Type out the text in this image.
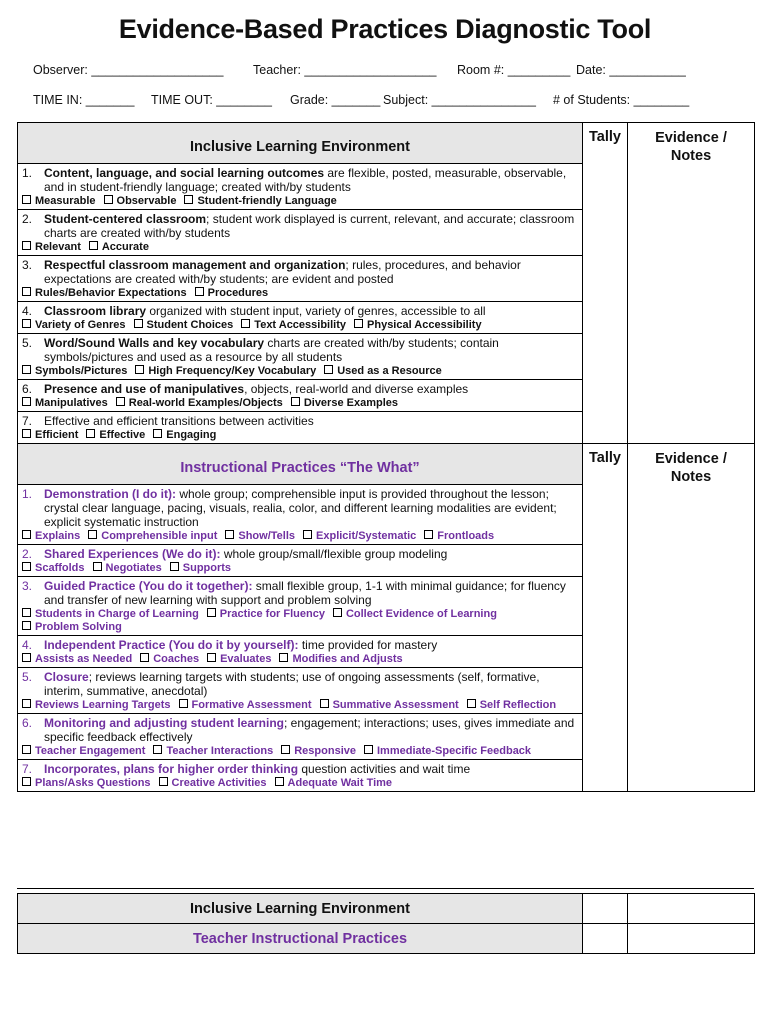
Evidence-Based Practices Diagnostic Tool

Observer: ___________________

Teacher: ___________________

Room #: _________

Date: ___________

TIME IN: _______

TIME OUT: ________

Grade: _______

Subject: _______________

# of Students: ________

Inclusive Learning Environment	Tally	Evidence / Notes

1. Content, language, and social learning outcomes are flexible, posted, measurable, observable, and in student-friendly language; created with/by students
Measurable Observable Student-friendly Language		

2. Student-centered classroom; student work displayed is current, relevant, and accurate; classroom charts are created with/by students
Relevant Accurate		

3. Respectful classroom management and organization; rules, procedures, and behavior expectations are created with/by students; are evident and posted
Rules/Behavior Expectations Procedures		

4. Classroom library organized with student input, variety of genres, accessible to all
Variety of Genres Student Choices Text Accessibility Physical Accessibility		

5. Word/Sound Walls and key vocabulary charts are created with/by students; contain symbols/pictures and used as a resource by all students
Symbols/Pictures High Frequency/Key Vocabulary Used as a Resource		

6. Presence and use of manipulatives, objects, real-world and diverse examples
Manipulatives Real-world Examples/Objects Diverse Examples		

7. Effective and efficient transitions between activities
Efficient Effective Engaging		

Instructional Practices “The What”	Tally	Evidence / Notes

1. Demonstration (I do it): whole group; comprehensible input is provided throughout the lesson; crystal clear language, pacing, visuals, realia, color, and different learning modalities are evident; explicit systematic instruction
Explains Comprehensible input Show/Tells Explicit/Systematic Frontloads		

2. Shared Experiences (We do it): whole group/small/flexible group modeling
Scaffolds Negotiates Supports		

3. Guided Practice (You do it together): small flexible group, 1-1 with minimal guidance; for fluency and transfer of new learning with support and problem solving
Students in Charge of Learning Practice for Fluency Collect Evidence of LearningProblem Solving		

4. Independent Practice (You do it by yourself): time provided for mastery
Assists as Needed Coaches Evaluates Modifies and Adjusts		

5. Closure; reviews learning targets with students; use of ongoing assessments (self, formative, interim, summative, anecdotal)
Reviews Learning Targets Formative Assessment Summative Assessment Self Reflection		

6. Monitoring and adjusting student learning; engagement; interactions; uses, gives immediate and specific feedback effectively
Teacher Engagement Teacher Interactions Responsive Immediate-Specific Feedback		

7. Incorporates, plans for higher order thinking question activities and wait time
Plans/Asks Questions Creative Activities Adequate Wait Time		
Inclusive Learning Environment		
Teacher Instructional Practices		
